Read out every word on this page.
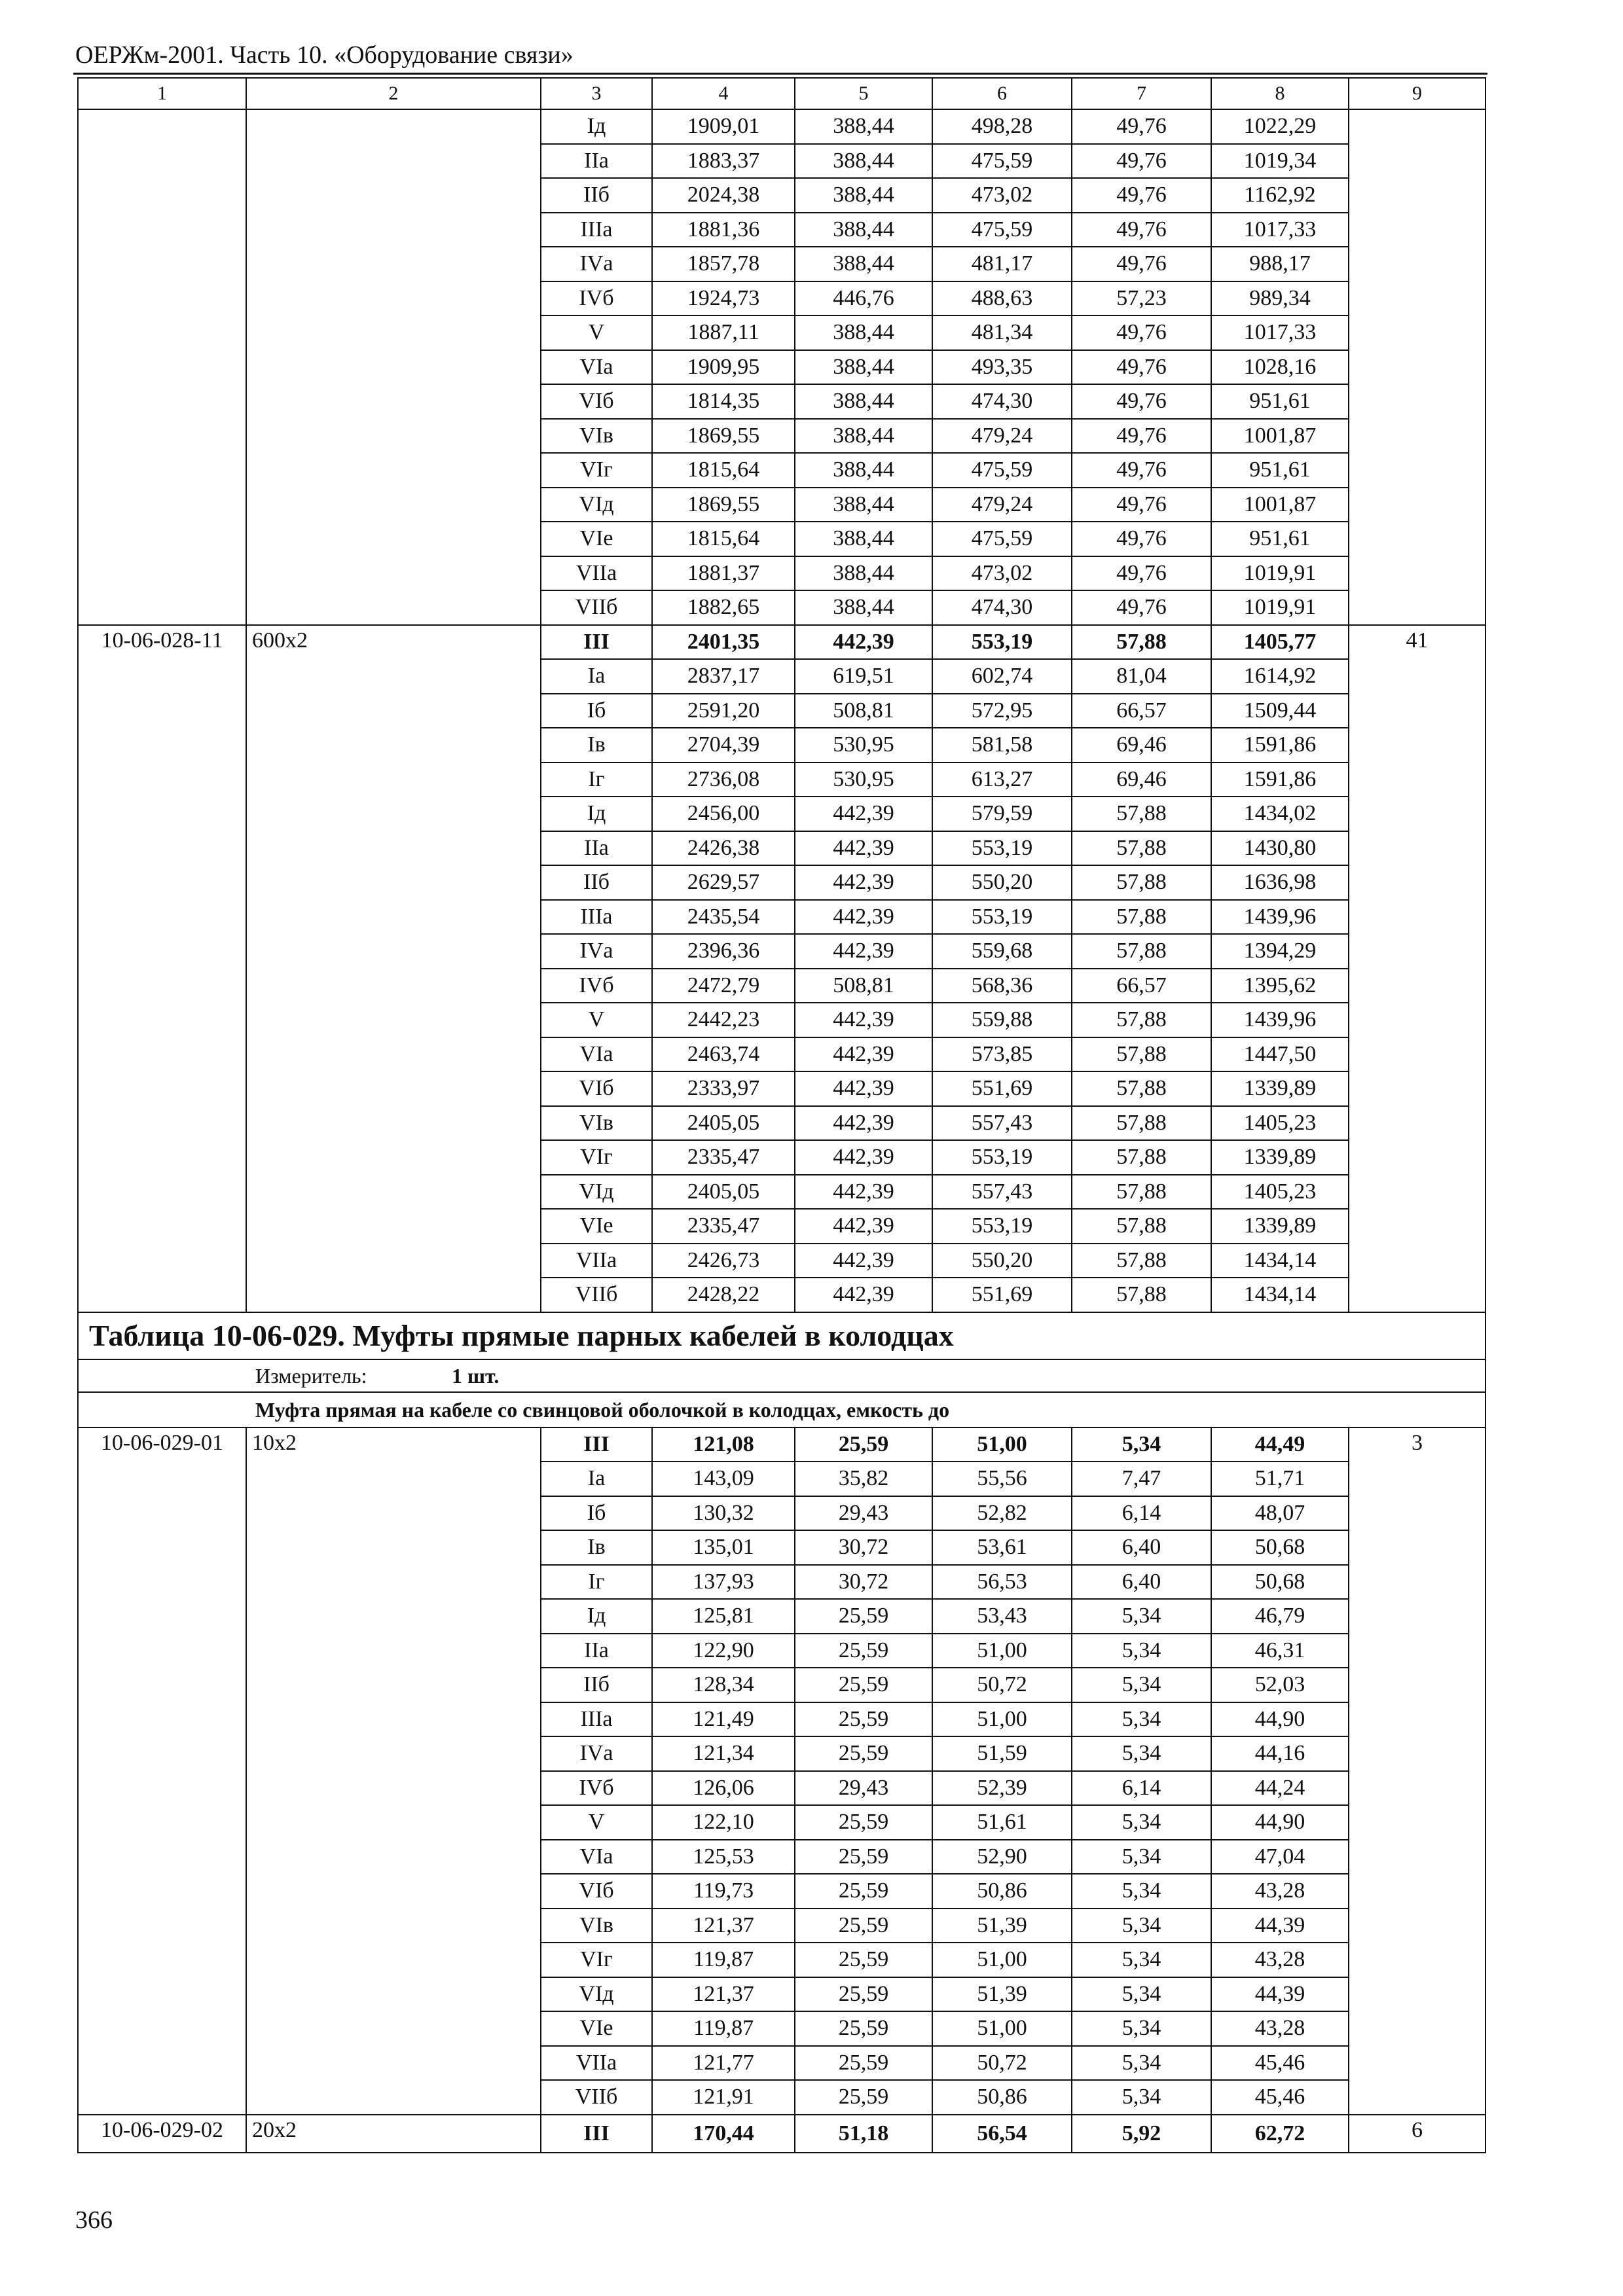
ОЕРЖм-2001. Часть 10. «Оборудование связи»
1	2	3	4	5	6	7	8	9
		Iд	1909,01	388,44	498,28	49,76	1022,29	
		IIа	1883,37	388,44	475,59	49,76	1019,34	
		IIб	2024,38	388,44	473,02	49,76	1162,92	
		IIIа	1881,36	388,44	475,59	49,76	1017,33	
		IVа	1857,78	388,44	481,17	49,76	988,17	
		IVб	1924,73	446,76	488,63	57,23	989,34	
		V	1887,11	388,44	481,34	49,76	1017,33	
		VIа	1909,95	388,44	493,35	49,76	1028,16	
		VIб	1814,35	388,44	474,30	49,76	951,61	
		VIв	1869,55	388,44	479,24	49,76	1001,87	
		VIг	1815,64	388,44	475,59	49,76	951,61	
		VIд	1869,55	388,44	479,24	49,76	1001,87	
		VIе	1815,64	388,44	475,59	49,76	951,61	
		VIIа	1881,37	388,44	473,02	49,76	1019,91	
		VIIб	1882,65	388,44	474,30	49,76	1019,91	
10-06-028-11	600x2	III	2401,35	442,39	553,19	57,88	1405,77	41
		Iа	2837,17	619,51	602,74	81,04	1614,92	
		Iб	2591,20	508,81	572,95	66,57	1509,44	
		Iв	2704,39	530,95	581,58	69,46	1591,86	
		Iг	2736,08	530,95	613,27	69,46	1591,86	
		Iд	2456,00	442,39	579,59	57,88	1434,02	
		IIа	2426,38	442,39	553,19	57,88	1430,80	
		IIб	2629,57	442,39	550,20	57,88	1636,98	
		IIIа	2435,54	442,39	553,19	57,88	1439,96	
		IVа	2396,36	442,39	559,68	57,88	1394,29	
		IVб	2472,79	508,81	568,36	66,57	1395,62	
		V	2442,23	442,39	559,88	57,88	1439,96	
		VIа	2463,74	442,39	573,85	57,88	1447,50	
		VIб	2333,97	442,39	551,69	57,88	1339,89	
		VIв	2405,05	442,39	557,43	57,88	1405,23	
		VIг	2335,47	442,39	553,19	57,88	1339,89	
		VIд	2405,05	442,39	557,43	57,88	1405,23	
		VIе	2335,47	442,39	553,19	57,88	1339,89	
		VIIа	2426,73	442,39	550,20	57,88	1434,14	
		VIIб	2428,22	442,39	551,69	57,88	1434,14	
Таблица 10-06-029. Муфты прямые парных кабелей в колодцах								
Измеритель: 1 шт.								
Муфта прямая на кабеле со свинцовой оболочкой в колодцах, емкость до								
10-06-029-01	10x2	III	121,08	25,59	51,00	5,34	44,49	3
		Iа	143,09	35,82	55,56	7,47	51,71	
		Iб	130,32	29,43	52,82	6,14	48,07	
		Iв	135,01	30,72	53,61	6,40	50,68	
		Iг	137,93	30,72	56,53	6,40	50,68	
		Iд	125,81	25,59	53,43	5,34	46,79	
		IIа	122,90	25,59	51,00	5,34	46,31	
		IIб	128,34	25,59	50,72	5,34	52,03	
		IIIа	121,49	25,59	51,00	5,34	44,90	
		IVа	121,34	25,59	51,59	5,34	44,16	
		IVб	126,06	29,43	52,39	6,14	44,24	
		V	122,10	25,59	51,61	5,34	44,90	
		VIа	125,53	25,59	52,90	5,34	47,04	
		VIб	119,73	25,59	50,86	5,34	43,28	
		VIв	121,37	25,59	51,39	5,34	44,39	
		VIг	119,87	25,59	51,00	5,34	43,28	
		VIд	121,37	25,59	51,39	5,34	44,39	
		VIе	119,87	25,59	51,00	5,34	43,28	
		VIIа	121,77	25,59	50,72	5,34	45,46	
		VIIб	121,91	25,59	50,86	5,34	45,46	
10-06-029-02	20x2	III	170,44	51,18	56,54	5,92	62,72	6
366
